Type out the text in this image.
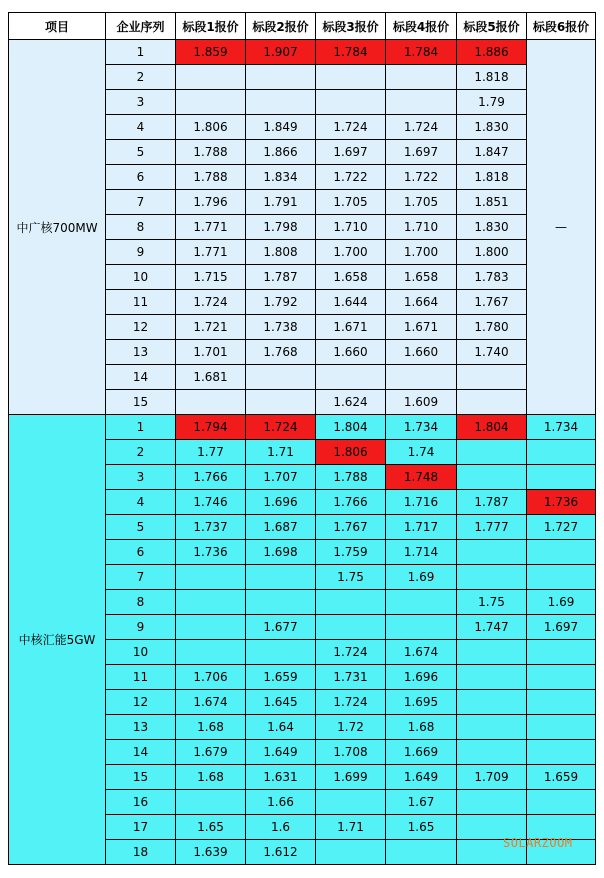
项目	企业序列	标段1报价	标段2报价	标段3报价	标段4报价	标段5报价	标段6报价
中广核700MW	1	1.859	1.907	1.784	1.784	1.886	—
	2					1.818	
	3					1.79	
	4	1.806	1.849	1.724	1.724	1.830	
	5	1.788	1.866	1.697	1.697	1.847	
	6	1.788	1.834	1.722	1.722	1.818	
	7	1.796	1.791	1.705	1.705	1.851	
	8	1.771	1.798	1.710	1.710	1.830	
	9	1.771	1.808	1.700	1.700	1.800	
	10	1.715	1.787	1.658	1.658	1.783	
	11	1.724	1.792	1.644	1.664	1.767	
	12	1.721	1.738	1.671	1.671	1.780	
	13	1.701	1.768	1.660	1.660	1.740	
	14	1.681					
	15			1.624	1.609		
中核汇能5GW	1	1.794	1.724	1.804	1.734	1.804	1.734
	2	1.77	1.71	1.806	1.74		
	3	1.766	1.707	1.788	1.748		
	4	1.746	1.696	1.766	1.716	1.787	1.736
	5	1.737	1.687	1.767	1.717	1.777	1.727
	6	1.736	1.698	1.759	1.714		
	7			1.75	1.69		
	8					1.75	1.69
	9		1.677			1.747	1.697
	10			1.724	1.674		
	11	1.706	1.659	1.731	1.696		
	12	1.674	1.645	1.724	1.695		
	13	1.68	1.64	1.72	1.68		
	14	1.679	1.649	1.708	1.669		
	15	1.68	1.631	1.699	1.649	1.709	1.659
	16		1.66		1.67		
	17	1.65	1.6	1.71	1.65		
	18	1.639	1.612				
SOLARZOOM
